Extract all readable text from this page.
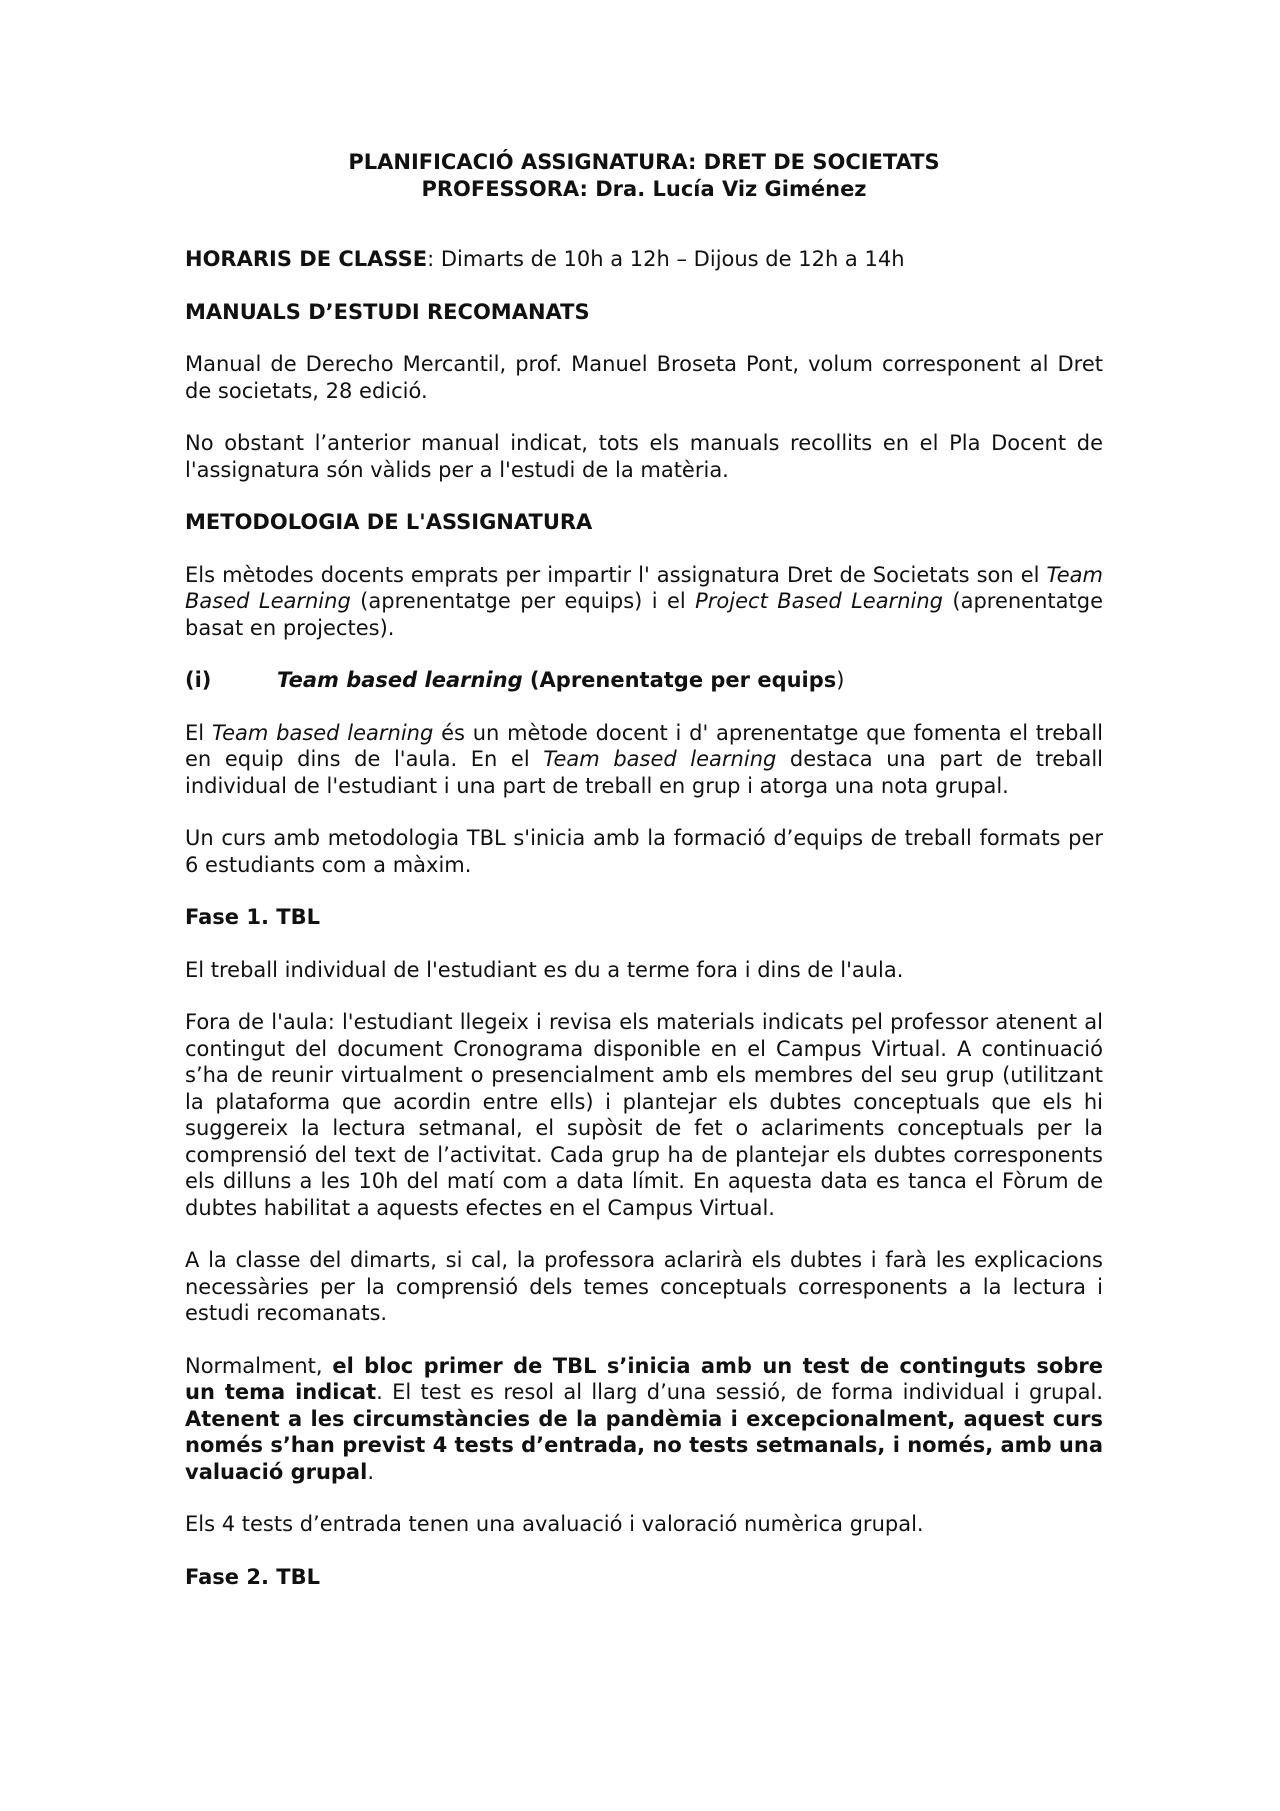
PLANIFICACIÓ ASSIGNATURA: DRET DE SOCIETATS
PROFESSORA: Dra. Lucía Viz Giménez

HORARIS DE CLASSE: Dimarts de 10h a 12h – Dijous de 12h a 14h

MANUALS D’ESTUDI RECOMANATS

Manual de Derecho Mercantil, prof. Manuel Broseta Pont, volum corresponent al Dret de societats, 28 edició.

No obstant l’anterior manual indicat, tots els manuals recollits en el Pla Docent de l'assignatura són vàlids per a l'estudi de la matèria.

METODOLOGIA DE L'ASSIGNATURA

Els mètodes docents emprats per impartir l' assignatura Dret de Societats son el Team Based Learning (aprenentatge per equips) i el Project Based Learning (aprenentatge basat en projectes).

(i)	Team based learning (Aprenentatge per equips)

El Team based learning és un mètode docent i d' aprenentatge que fomenta el treball en equip dins de l'aula. En el Team based learning destaca una part de treball individual de l'estudiant i una part de treball en grup i atorga una nota grupal.

Un curs amb metodologia TBL s'inicia amb la formació d’equips de treball formats per 6 estudiants com a màxim.

Fase 1. TBL

El treball individual de l'estudiant es du a terme fora i dins de l'aula.

Fora de l'aula: l'estudiant llegeix i revisa els materials indicats pel professor atenent al contingut del document Cronograma disponible en el Campus Virtual. A continuació s’ha de reunir virtualment o presencialment amb els membres del seu grup (utilitzant la plataforma que acordin entre ells) i plantejar els dubtes conceptuals que els hi suggereix la lectura setmanal, el supòsit de fet o aclariments conceptuals per la comprensió del text de l’activitat. Cada grup ha de plantejar els dubtes corresponents els dilluns a les 10h del matí com a data límit. En aquesta data es tanca el Fòrum de dubtes habilitat a aquests efectes en el Campus Virtual.

A la classe del dimarts, si cal, la professora aclarirà els dubtes i farà les explicacions necessàries per la comprensió dels temes conceptuals corresponents a la lectura i estudi recomanats.

Normalment, el bloc primer de TBL s’inicia amb un test de continguts sobre un tema indicat. El test es resol al llarg d’una sessió, de forma individual i grupal. Atenent a les circumstàncies de la pandèmia i excepcionalment, aquest curs només s’han previst 4 tests d’entrada, no tests setmanals, i només, amb una valuació grupal.

Els 4 tests d’entrada tenen una avaluació i valoració numèrica grupal.

Fase 2. TBL
